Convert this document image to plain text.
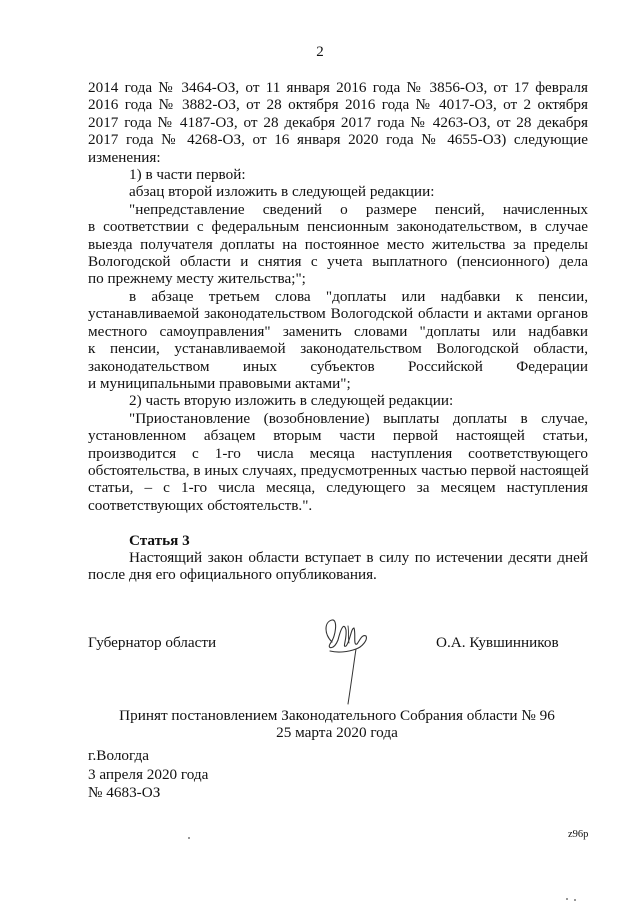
2
2014 года № 3464-ОЗ, от 11 января 2016 года № 3856-ОЗ, от 17 февраля
2016 года № 3882-ОЗ, от 28 октября 2016 года № 4017-ОЗ, от 2 октября
2017 года № 4187-ОЗ, от 28 декабря 2017 года № 4263-ОЗ, от 28 декабря
2017 года № 4268-ОЗ, от 16 января 2020 года № 4655-ОЗ) следующие
изменения:
1) в части первой:
абзац второй изложить в следующей редакции:
"непредставление сведений о размере пенсий, начисленных
в соответствии с федеральным пенсионным законодательством, в случае
выезда получателя доплаты на постоянное место жительства за пределы
Вологодской области и снятия с учета выплатного (пенсионного) дела
по прежнему месту жительства;";
в абзаце третьем слова "доплаты или надбавки к пенсии,
устанавливаемой законодательством Вологодской области и актами органов
местного самоуправления" заменить словами "доплаты или надбавки
к пенсии, устанавливаемой законодательством Вологодской области,
законодательством иных субъектов Российской Федерации
и муниципальными правовыми актами";
2) часть вторую изложить в следующей редакции:
"Приостановление (возобновление) выплаты доплаты в случае,
установленном абзацем вторым части первой настоящей статьи,
производится с 1-го числа месяца наступления соответствующего
обстоятельства, в иных случаях, предусмотренных частью первой настоящей
статьи, – с 1-го числа месяца, следующего за месяцем наступления
соответствующих обстоятельств.".
Статья 3
Настоящий закон области вступает в силу по истечении десяти дней
после дня его официального опубликования.
Губернатор области	О.А. Кувшинников
Принят постановлением Законодательного Собрания области № 96
25 марта 2020 года
г.Вологда
3 апреля 2020 года
№ 4683-ОЗ
z96p
